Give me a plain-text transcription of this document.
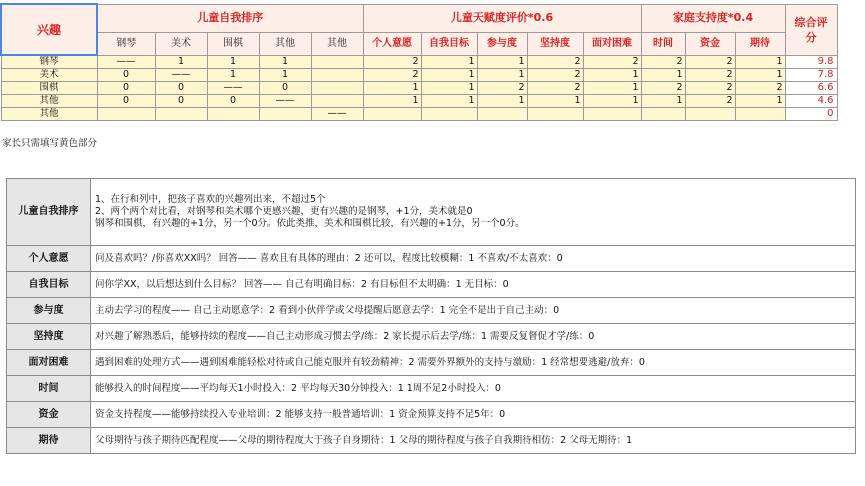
兴趣	儿童自我排序					儿童天赋度评价*0.6					家庭支持度*0.4			综合评分

	钢琴	美术	围棋	其他	其他	个人意愿	自我目标	参与度	坚持度	面对困难	时间	资金	期待	
钢琴	——	1	1	1		2	1	1	2	2	2	2	1	9.8
美术	0	——	1	1		2	1	1	2	1	1	2	1	7.8
围棋	0	0	——	0		1	1	2	2	1	2	2	2	6.6
其他	0	0	0	——		1	1	1	1	1	1	2	1	4.6
其他					——									0
家长只需填写黄色部分
儿童自我排序	1、在行和列中，把孩子喜欢的兴趣列出来，不超过5个
2、两个两个对比看，对钢琴和美术哪个更感兴趣，更有兴趣的是钢琴，+1分，美术就是0
钢琴和围棋，有兴趣的+1分，另一个0分。依此类推，美术和围棋比较，有兴趣的+1分，另一个0分。

个人意愿	问及喜欢吗？/你喜欢XX吗？ 回答—— 喜欢且有具体的理由：2 还可以，程度比较模糊：1 不喜欢/不太喜欢：0

自我目标	问你学XX，以后想达到什么目标？ 回答—— 自己有明确目标：2 有目标但不太明确：1 无目标：0

参与度	主动去学习的程度—— 自己主动愿意学：2 看到小伙伴学或父母提醒后愿意去学：1 完全不是出于自己主动：0

坚持度	对兴趣了解熟悉后，能够持续的程度——自己主动形成习惯去学/练：2 家长提示后去学/练：1 需要反复督促才学/练：0

面对困难	遇到困难的处理方式——遇到困难能轻松对待或自己能克服并有较劲精神：2 需要外界额外的支持与激励：1 经常想要逃避/放弃：0

时间	能够投入的时间程度——平均每天1小时投入：2 平均每天30分钟投入：1 1周不足2小时投入：0

资金	资金支持程度——能够持续投入专业培训：2 能够支持一般普通培训：1 资金预算支持不足5年：0

期待	父母期待与孩子期待匹配程度——父母的期待程度大于孩子自身期待：1 父母的期待程度与孩子自我期待相仿：2 父母无期待：1
